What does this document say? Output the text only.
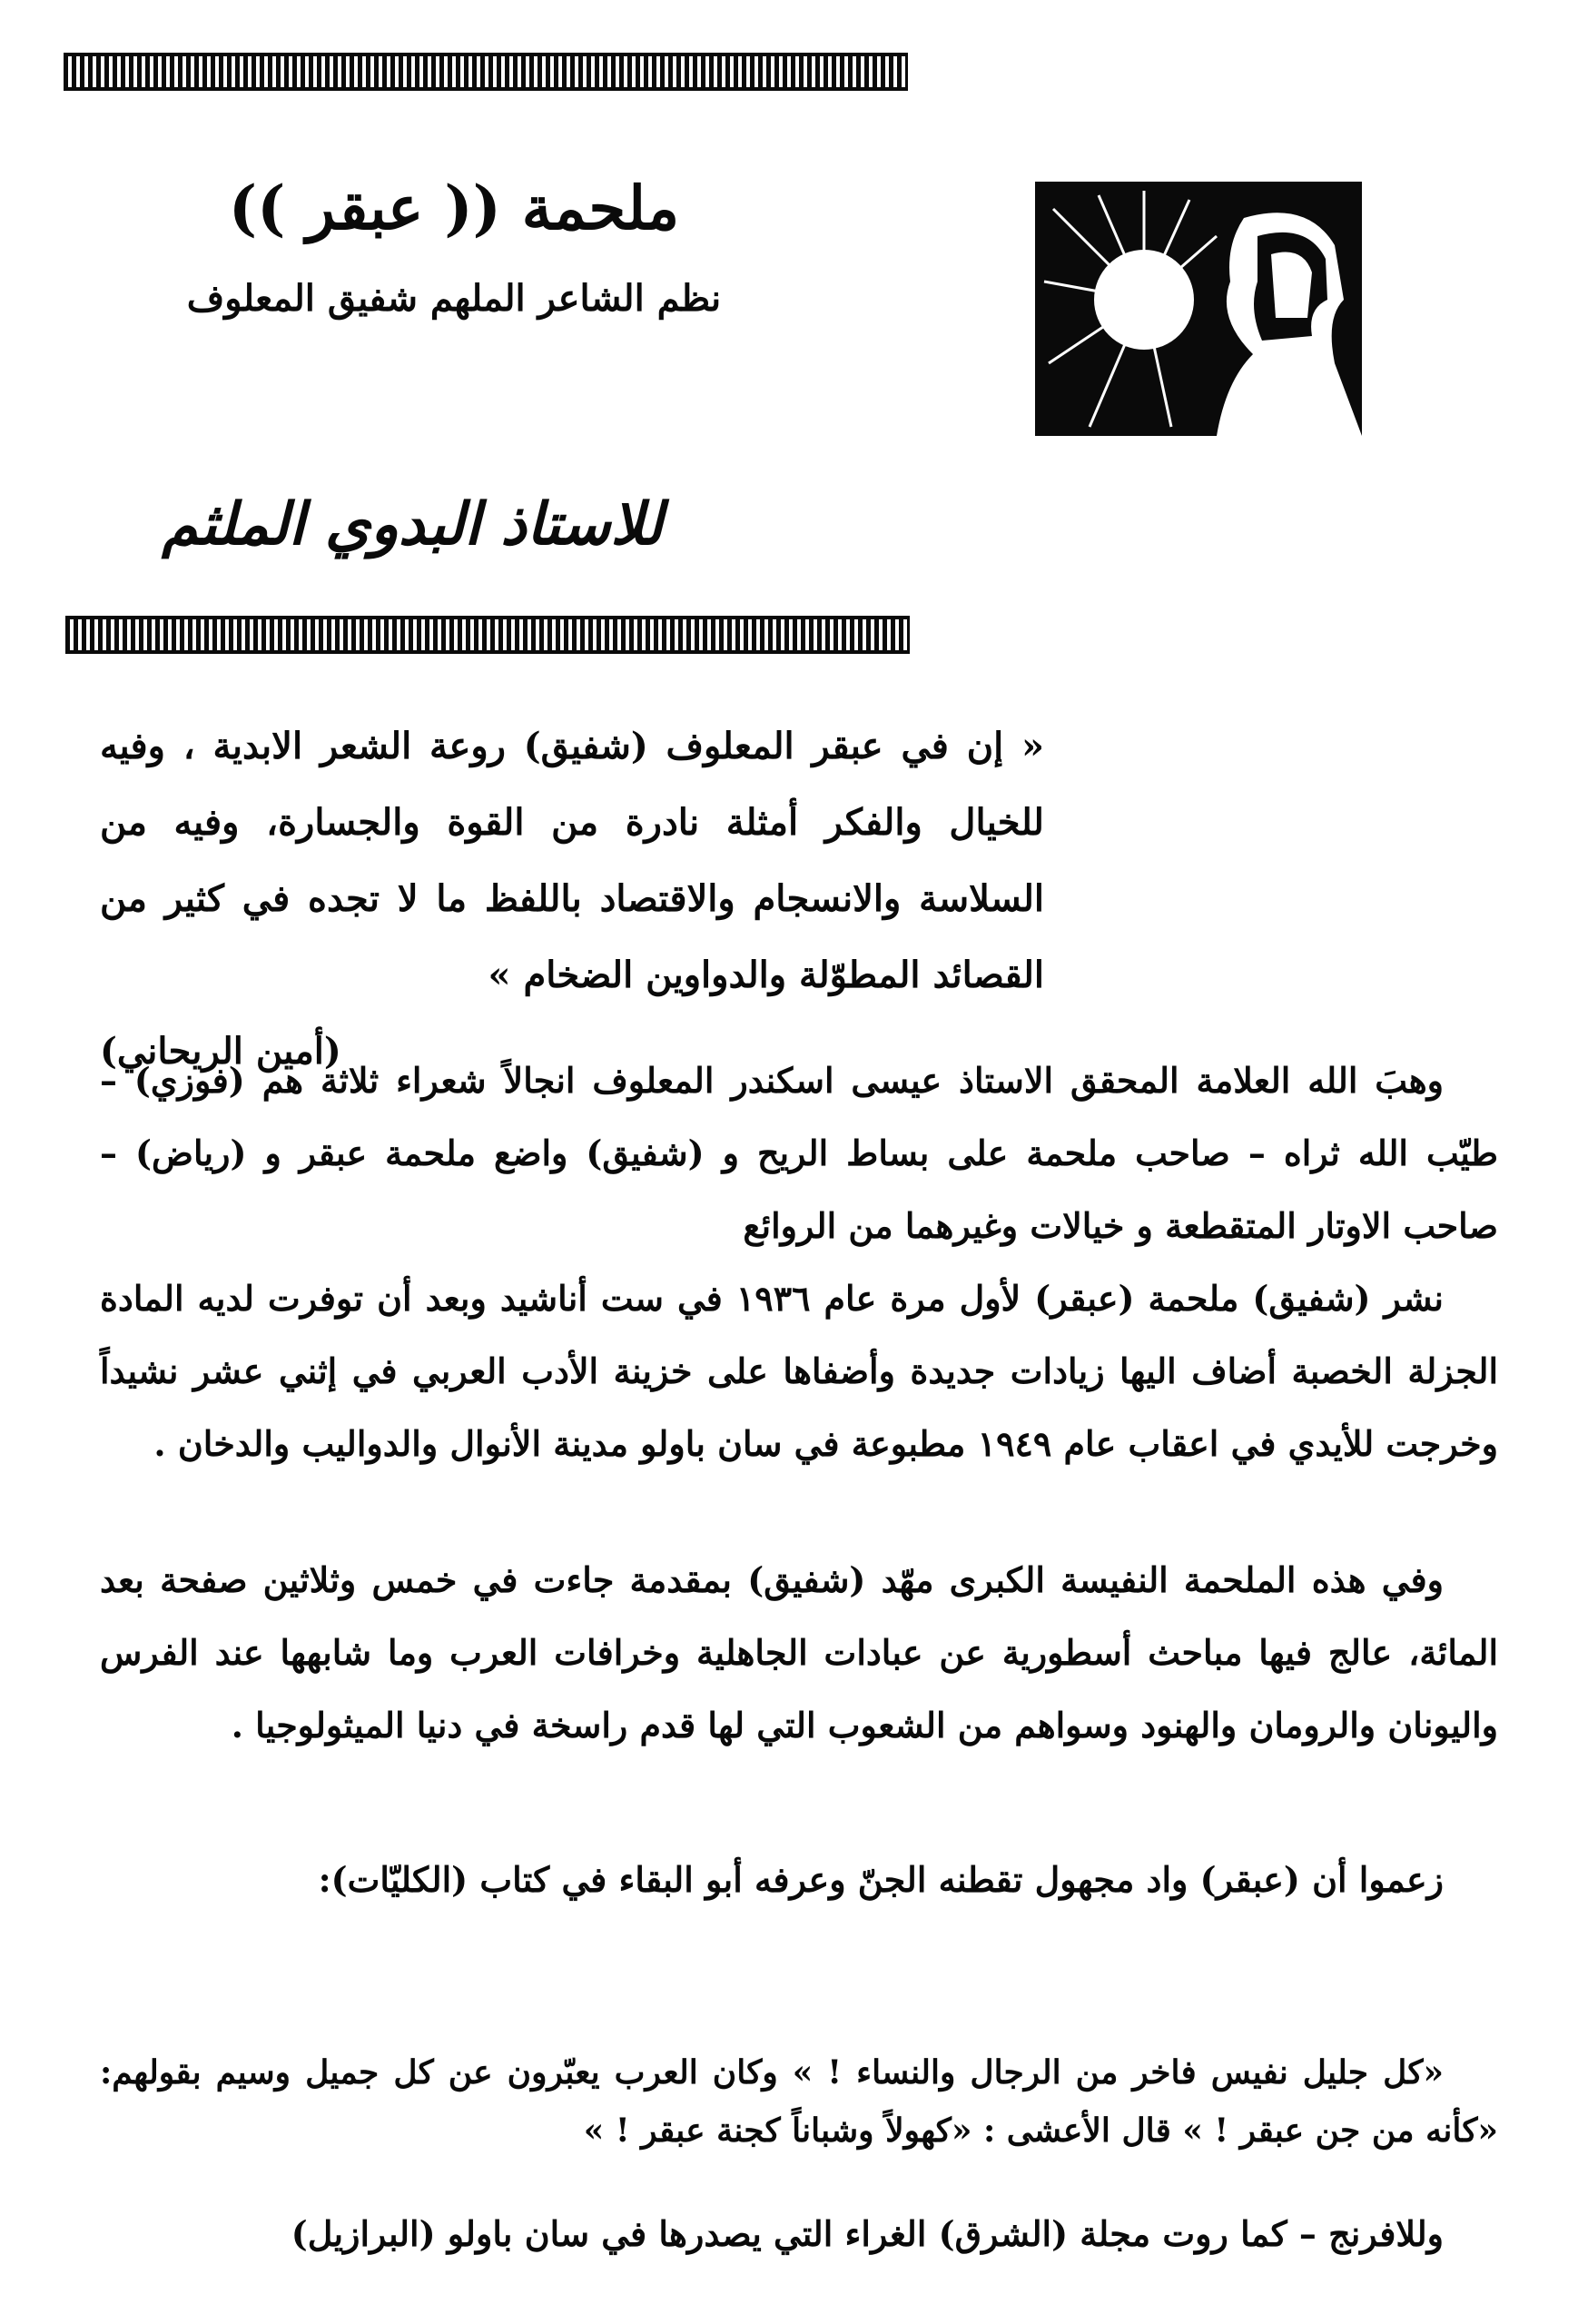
ملحمة (( عبقر ))
نظم الشاعر الملهم شفيق المعلوف
للاستاذ البدوي الملثم

« إن في عبقر المعلوف (شفيق) روعة الشعر الابدية ، وفيه للخيال والفكر أمثلة نادرة من القوة والجسارة، وفيه من السلاسة والانسجام والاقتصاد باللفظ ما لا تجده في كثير من القصائد المطوّلة والدواوين الضخام »

(أمين الريحاني)

وهبَ الله العلامة المحقق الاستاذ عيسى اسكندر المعلوف انجالاً شعراء ثلاثة هم (فوزي) – طيّب الله ثراه – صاحب ملحمة على بساط الريح و (شفيق) واضع ملحمة عبقر و (رياض) – صاحب الاوتار المتقطعة و خيالات وغيرهما من الروائع

نشر (شفيق) ملحمة (عبقر) لأول مرة عام ١٩٣٦ في ست أناشيد وبعد أن توفرت لديه المادة الجزلة الخصبة أضاف اليها زيادات جديدة وأضفاها على خزينة الأدب العربي في إثني عشر نشيداً وخرجت للأيدي في اعقاب عام ١٩٤٩ مطبوعة في سان باولو مدينة الأنوال والدواليب والدخان .

وفي هذه الملحمة النفيسة الكبرى مهّد (شفيق) بمقدمة جاءت في خمس وثلاثين صفحة بعد المائة، عالج فيها مباحث أسطورية عن عبادات الجاهلية وخرافات العرب وما شابهها عند الفرس واليونان والرومان والهنود وسواهم من الشعوب التي لها قدم راسخة في دنيا الميثولوجيا .

زعموا أن (عبقر) واد مجهول تقطنه الجنّ وعرفه أبو البقاء في كتاب (الكليّات):

«كل جليل نفيس فاخر من الرجال والنساء ! » وكان العرب يعبّرون عن كل جميل وسيم بقولهم: «كأنه من جن عبقر ! » قال الأعشى : «كهولاً وشباناً كجنة عبقر ! »

وللافرنج – كما روت مجلة (الشرق) الغراء التي يصدرها في سان باولو (البرازيل)
